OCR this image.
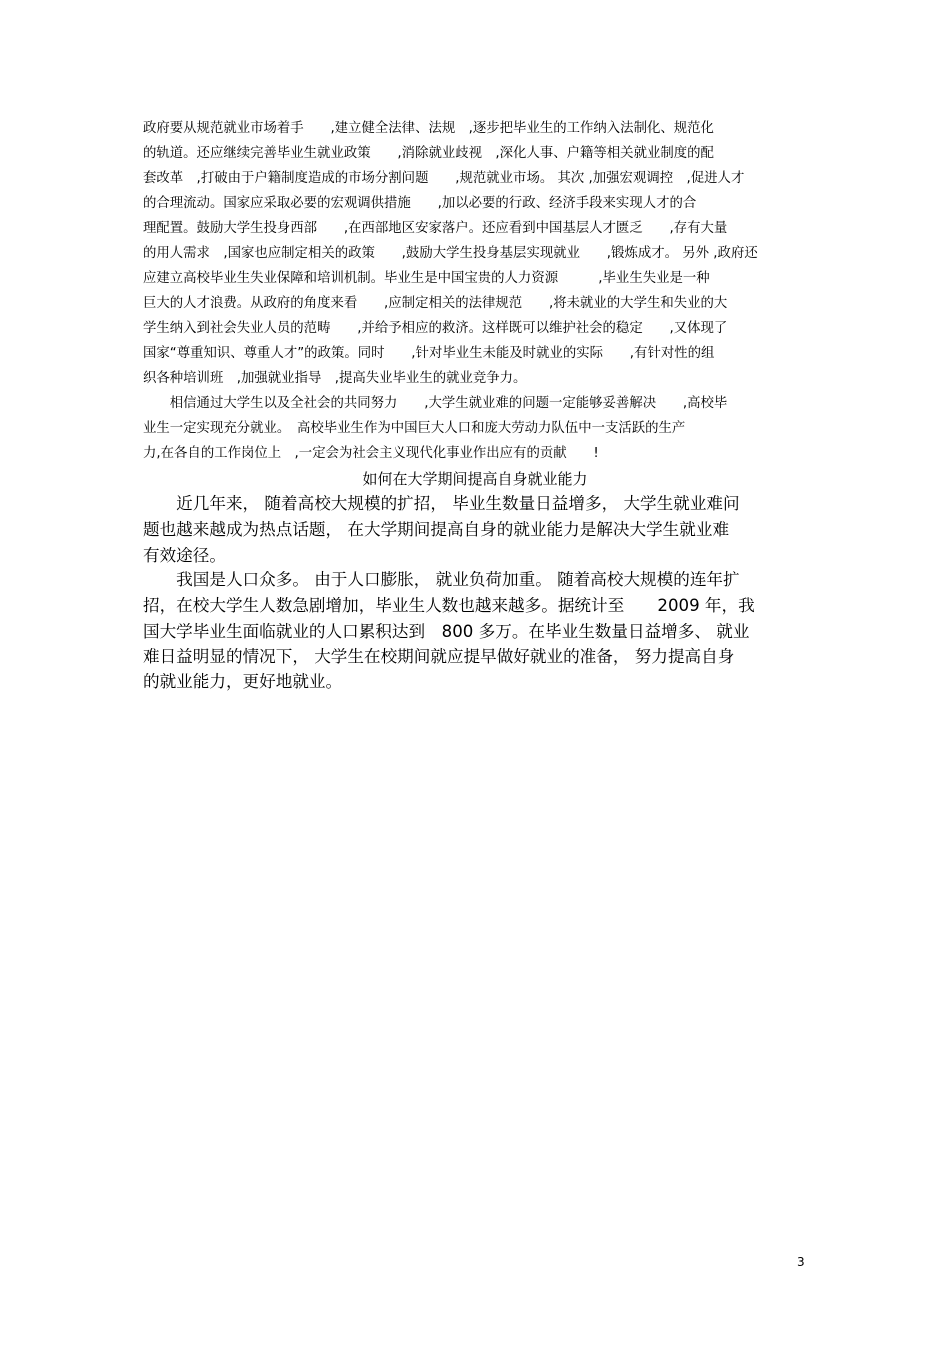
政府要从规范就业市场着手　　,建立健全法律、法规　,逐步把毕业生的工作纳入法制化、规范化
的轨道。还应继续完善毕业生就业政策　　,消除就业歧视　,深化人事、户籍等相关就业制度的配
套改革　,打破由于户籍制度造成的市场分割问题　　,规范就业市场。 其次 ,加强宏观调控　,促进人才
的合理流动。国家应采取必要的宏观调供措施　　,加以必要的行政、经济手段来实现人才的合
理配置。鼓励大学生投身西部　　,在西部地区安家落户。还应看到中国基层人才匮乏　　,存有大量
的用人需求　,国家也应制定相关的政策　　,鼓励大学生投身基层实现就业　　,锻炼成才。 另外 ,政府还
应建立高校毕业生失业保障和培训机制。毕业生是中国宝贵的人力资源　　　,毕业生失业是一种
巨大的人才浪费。从政府的角度来看　　,应制定相关的法律规范　　,将未就业的大学生和失业的大
学生纳入到社会失业人员的范畴　　,并给予相应的救济。这样既可以维护社会的稳定　　,又体现了
国家“尊重知识、尊重人才”的政策。同时　　,针对毕业生未能及时就业的实际　　,有针对性的组
织各种培训班　,加强就业指导　,提高失业毕业生的就业竞争力。
　　相信通过大学生以及全社会的共同努力　　,大学生就业难的问题一定能够妥善解决　　,高校毕
业生一定实现充分就业。　高校毕业生作为中国巨大人口和庞大劳动力队伍中一支活跃的生产
力,在各自的工作岗位上　,一定会为社会主义现代化事业作出应有的贡献　　!
如何在大学期间提高自身就业能力
　　近几年来， 随着高校大规模的扩招， 毕业生数量日益增多， 大学生就业难问
题也越来越成为热点话题， 在大学期间提高自身的就业能力是解决大学生就业难
有效途径。
　　我国是人口众多。 由于人口膨胀， 就业负荷加重。 随着高校大规模的连年扩
招，在校大学生人数急剧增加，毕业生人数也越来越多。据统计至　　2009 年，我
国大学毕业生面临就业的人口累积达到　800 多万。在毕业生数量日益增多、 就业
难日益明显的情况下， 大学生在校期间就应提早做好就业的准备， 努力提高自身
的就业能力，更好地就业。
3
